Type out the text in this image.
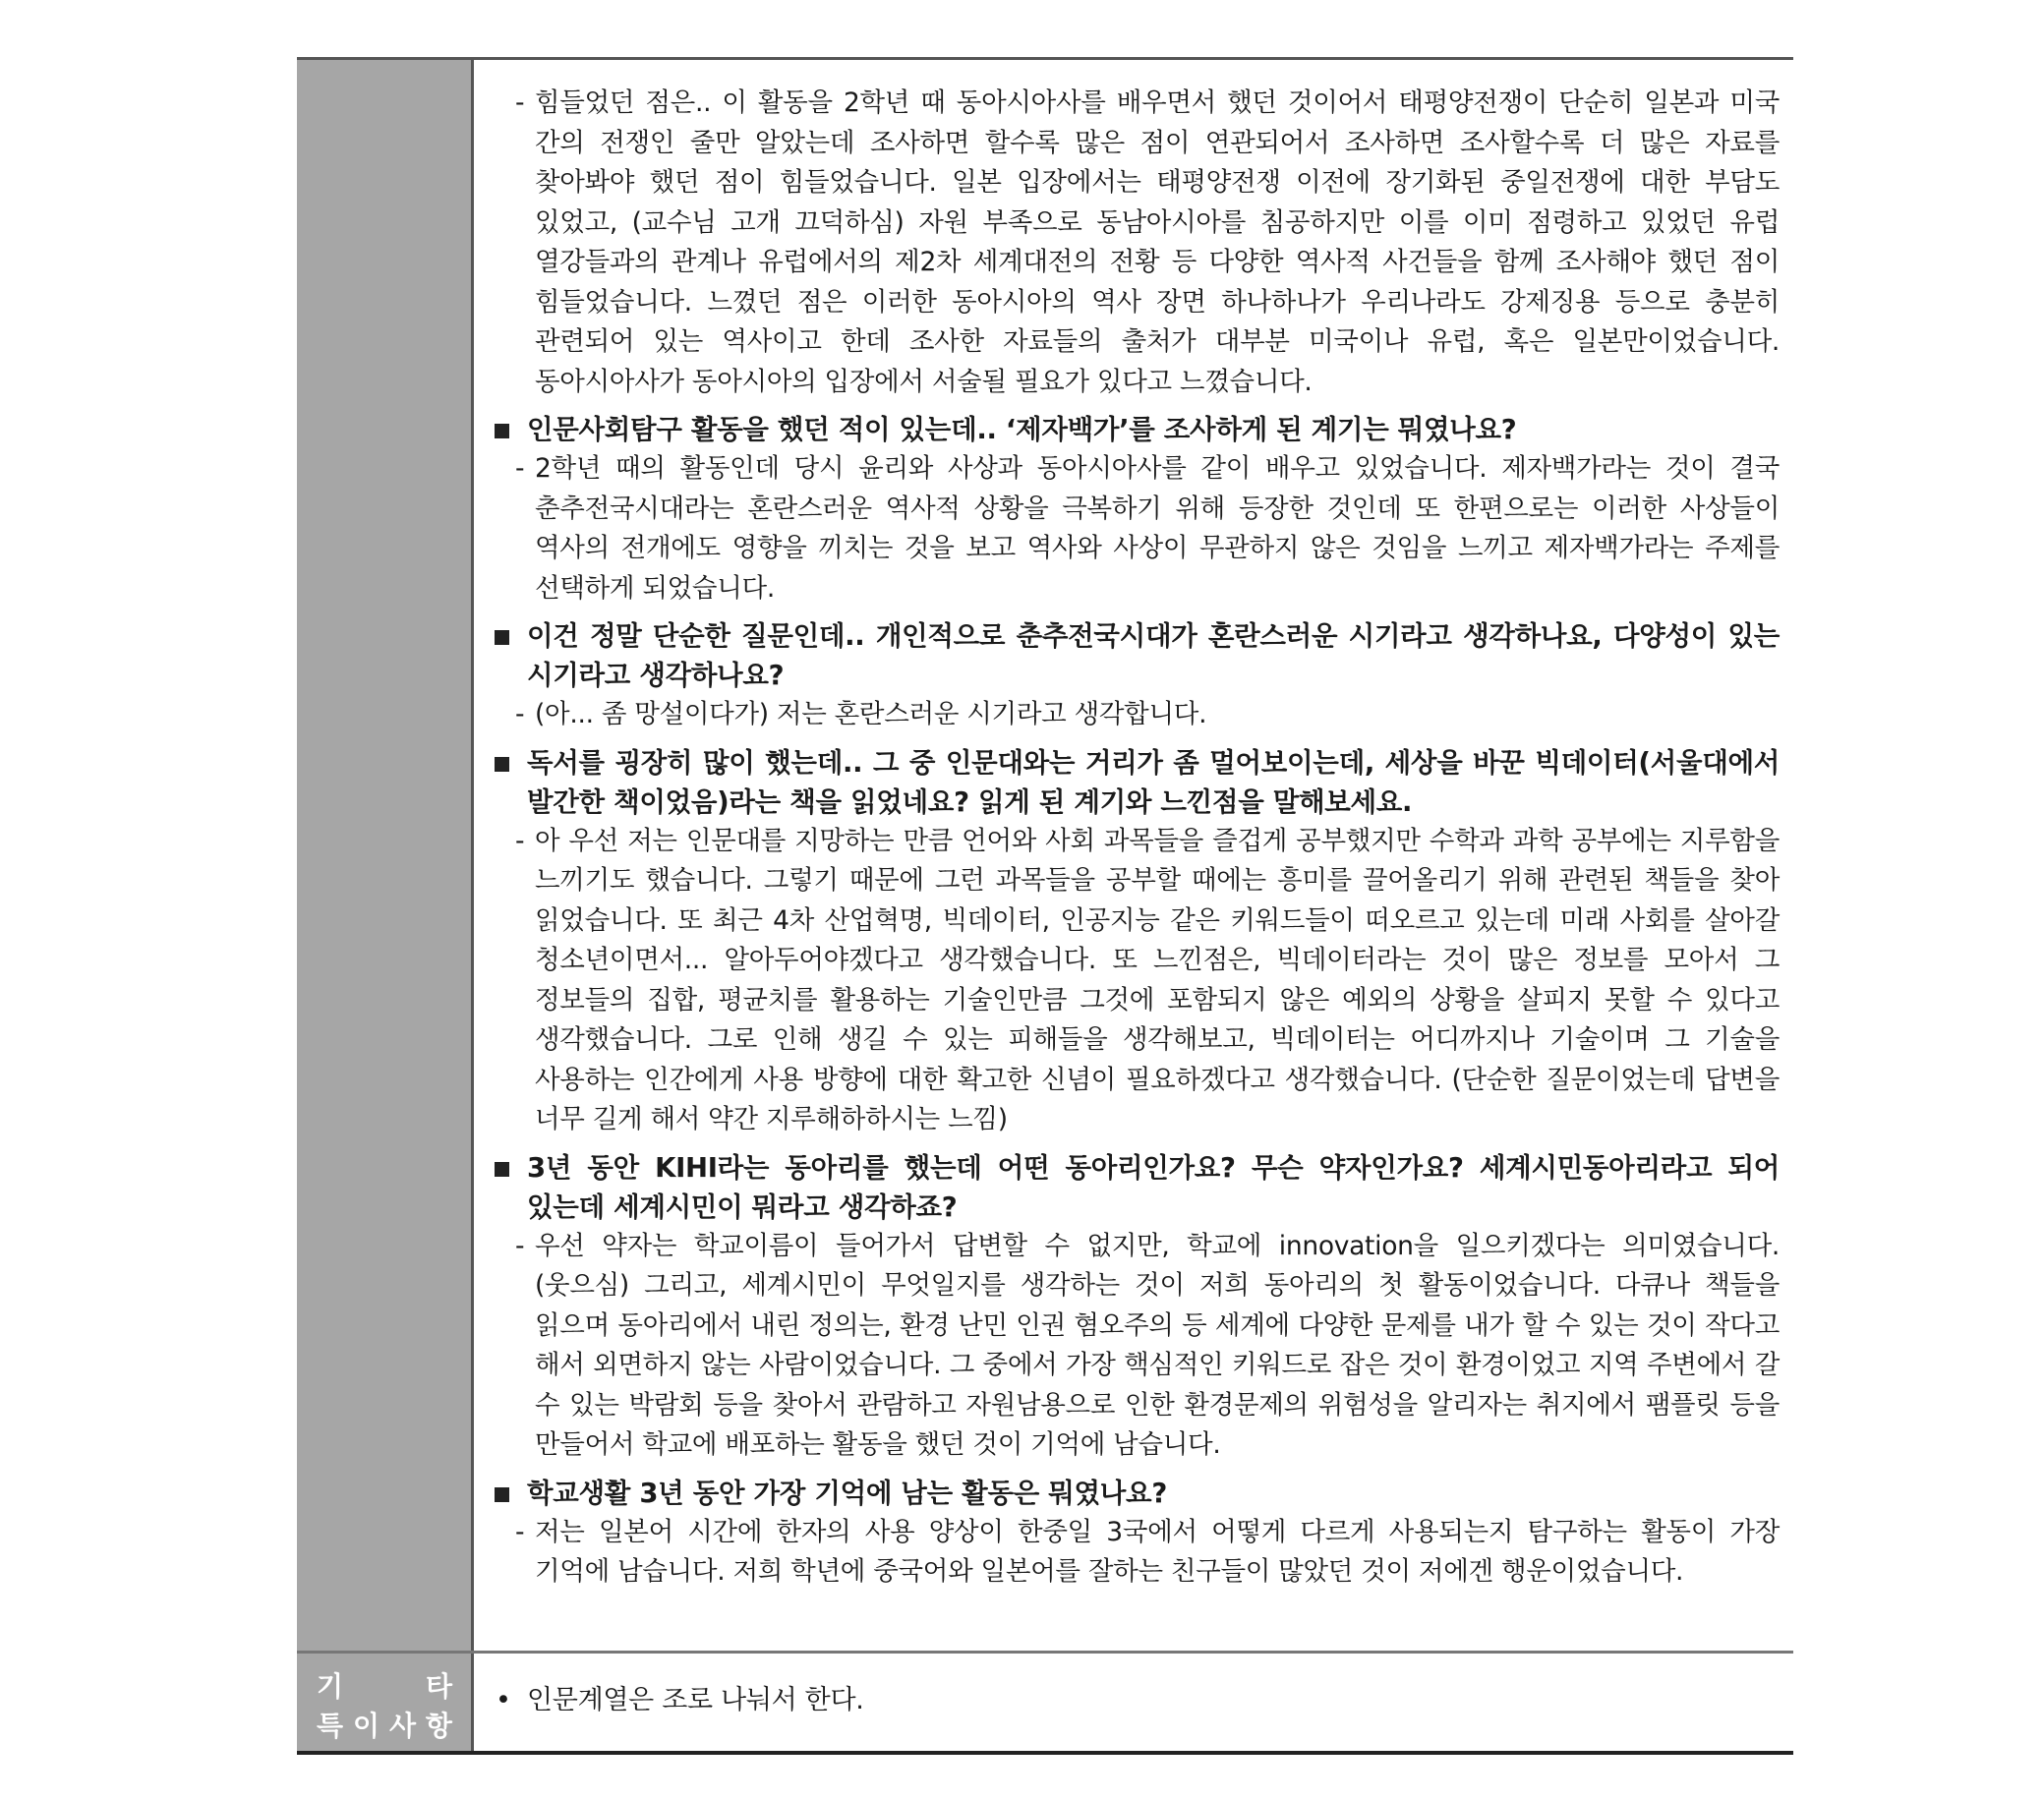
- 힘들었던 점은.. 이 활동을 2학년 때 동아시아사를 배우면서 했던 것이어서 태평양전쟁이 단순히 일본과 미국 간의 전쟁인 줄만 알았는데 조사하면 할수록 많은 점이 연관되어서 조사하면 조사할수록 더 많은 자료를 찾아봐야 했던 점이 힘들었습니다. 일본 입장에서는 태평양전쟁 이전에 장기화된 중일전쟁에 대한 부담도 있었고, (교수님 고개 끄덕하심) 자원 부족으로 동남아시아를 침공하지만 이를 이미 점령하고 있었던 유럽 열강들과의 관계나 유럽에서의 제2차 세계대전의 전황 등 다양한 역사적 사건들을 함께 조사해야 했던 점이 힘들었습니다. 느꼈던 점은 이러한 동아시아의 역사 장면 하나하나가 우리나라도 강제징용 등으로 충분히 관련되어 있는 역사이고 한데 조사한 자료들의 출처가 대부분 미국이나 유럽, 혹은 일본만이었습니다. 동아시아사가 동아시아의 입장에서 서술될 필요가 있다고 느꼈습니다.
인문사회탐구 활동을 했던 적이 있는데.. ‘제자백가’를 조사하게 된 계기는 뭐였나요?
- 2학년 때의 활동인데 당시 윤리와 사상과 동아시아사를 같이 배우고 있었습니다. 제자백가라는 것이 결국 춘추전국시대라는 혼란스러운 역사적 상황을 극복하기 위해 등장한 것인데 또 한편으로는 이러한 사상들이 역사의 전개에도 영향을 끼치는 것을 보고 역사와 사상이 무관하지 않은 것임을 느끼고 제자백가라는 주제를 선택하게 되었습니다.
이건 정말 단순한 질문인데.. 개인적으로 춘추전국시대가 혼란스러운 시기라고 생각하나요, 다양성이 있는 시기라고 생각하나요?
- (아... 좀 망설이다가) 저는 혼란스러운 시기라고 생각합니다.
독서를 굉장히 많이 했는데.. 그 중 인문대와는 거리가 좀 멀어보이는데, 세상을 바꾼 빅데이터(서울대에서 발간한 책이었음)라는 책을 읽었네요? 읽게 된 계기와 느낀점을 말해보세요.
- 아 우선 저는 인문대를 지망하는 만큼 언어와 사회 과목들을 즐겁게 공부했지만 수학과 과학 공부에는 지루함을 느끼기도 했습니다. 그렇기 때문에 그런 과목들을 공부할 때에는 흥미를 끌어올리기 위해 관련된 책들을 찾아 읽었습니다. 또 최근 4차 산업혁명, 빅데이터, 인공지능 같은 키워드들이 떠오르고 있는데 미래 사회를 살아갈 청소년이면서... 알아두어야겠다고 생각했습니다. 또 느낀점은, 빅데이터라는 것이 많은 정보를 모아서 그 정보들의 집합, 평균치를 활용하는 기술인만큼 그것에 포함되지 않은 예외의 상황을 살피지 못할 수 있다고 생각했습니다. 그로 인해 생길 수 있는 피해들을 생각해보고, 빅데이터는 어디까지나 기술이며 그 기술을 사용하는 인간에게 사용 방향에 대한 확고한 신념이 필요하겠다고 생각했습니다. (단순한 질문이었는데 답변을 너무 길게 해서 약간 지루해하하시는 느낌)
3년 동안 KIHI라는 동아리를 했는데 어떤 동아리인가요? 무슨 약자인가요? 세계시민동아리라고 되어 있는데 세계시민이 뭐라고 생각하죠?
- 우선 약자는 학교이름이 들어가서 답변할 수 없지만, 학교에 innovation을 일으키겠다는 의미였습니다. (웃으심) 그리고, 세계시민이 무엇일지를 생각하는 것이 저희 동아리의 첫 활동이었습니다. 다큐나 책들을 읽으며 동아리에서 내린 정의는, 환경 난민 인권 혐오주의 등 세계에 다양한 문제를 내가 할 수 있는 것이 작다고 해서 외면하지 않는 사람이었습니다. 그 중에서 가장 핵심적인 키워드로 잡은 것이 환경이었고 지역 주변에서 갈 수 있는 박람회 등을 찾아서 관람하고 자원남용으로 인한 환경문제의 위험성을 알리자는 취지에서 팸플릿 등을 만들어서 학교에 배포하는 활동을 했던 것이 기억에 남습니다.
학교생활 3년 동안 가장 기억에 남는 활동은 뭐였나요?
- 저는 일본어 시간에 한자의 사용 양상이 한중일 3국에서 어떻게 다르게 사용되는지 탐구하는 활동이 가장 기억에 남습니다. 저희 학년에 중국어와 일본어를 잘하는 친구들이 많았던 것이 저에겐 행운이었습니다.
기	타
특 이 사 항
• 인문계열은 조로 나눠서 한다.
